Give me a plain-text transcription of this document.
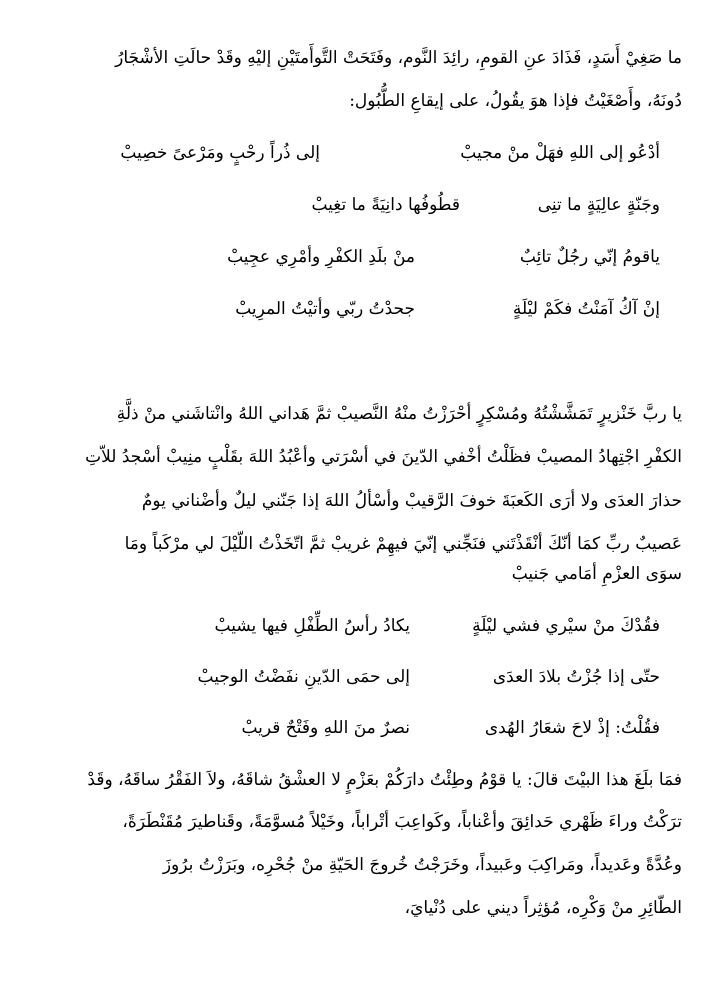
ما صَغِيْ أَسَدٍ، فَذَادَ عنِ القومِ، رائِدَ النَّوم، وفَتَحَتْ التَّوأَمتَيْنِ إليْهِ وقَدْ حالَتِ الأشْجَارُ
دُونَهُ، وأَصْغَيْتُ فإذا هوَ يقُولُ، على إيقاعِ الطُّبُول:
أدْعُو إلى اللهِ فهَلْ منْ مجيبْ
إلى ذُراً رحْبٍ ومَرْعىً خصِيبْ
وجَنّةٍ عالِيَةٍ ما تنِى
قطُوفُها دانِيَةً ما تغِيبْ
ياقومُ إنّي رجُلٌ تائِبٌ
منْ بلَدِ الكفْرِ وأمْرِي عجِيبْ
إنْ آكُ آمَنْتُ فكَمْ ليْلَةٍ
جحدْتُ ربّي وأتيْتُ المرِيبْ
يا ربَّ خَنْزيرٍ تَمَشَّشْتُهُ ومُسْكِرٍ أحْرَزْتُ منْهُ النَّصيبْ ثمَّ هَداني اللهُ وانْتاشَني منْ ذلَّةِ
الكفْرِ اجْتِهادُ المصيبْ فظَلْتُ أخْفي الدّينَ في أسْرَتي وأعْبُدُ اللهَ بقَلْبٍ منِيبْ أسْجدُ للاّتِ
حذارَ العدَى ولا أرَى الكَعبَةَ خوفَ الرَّقيبْ وأسْألُ اللهَ إذا جَنّني ليلٌ وأضْناني يومٌ
عَصيبٌ ربِّ كمَا أنّكَ أنْقَذْتَني فنَجِّني إنّيَ فيهِمْ غريبْ ثمَّ اتّخَذْتُ اللّيْلَ لي مرْكَباً ومَا
سوَى العزْمِ أمَامي جَنيبْ
فقُدْكَ منْ سيْري فشي ليْلَةٍ
يكادُ رأسُ الطِّفْلِ فيها يشيبْ
حتّى إذا جُزْتُ بلادَ العدَى
إلى حمَى الدّينِ نفَضْتُ الوجيبْ
فقُلْتُ: إذْ لاحَ شعَارُ الهُدى
نصرٌ منَ اللهِ وفَتْحٌ قريبْ
فمَا بلَغَ هذا البيْتَ قالَ: يا قوْمُ وطِئْتُ دارَكُمْ بعَزْمٍ لا العشْقُ شاقَهُ، ولاَ الفَقْرُ ساقَهُ، وقَدْ
ترَكْتُ وراءَ ظَهْري حَدائِقَ وأعْناباً، وكَواعِبَ أتْراباً، وخَيْلاً مُسوَّمَةً، وقَناطيرَ مُقَنْطَرَةً،
وعُدَّةً وعَديداً، ومَراكِبَ وعَبيداً، وخَرَجْتُ خُروجَ الحَيّةِ منْ جُحْرِه، وبَرَزْتُ برُوزَ
الطّائِرِ منْ وَكْرِه، مُؤثِراً ديني على دُنْيايَ،
